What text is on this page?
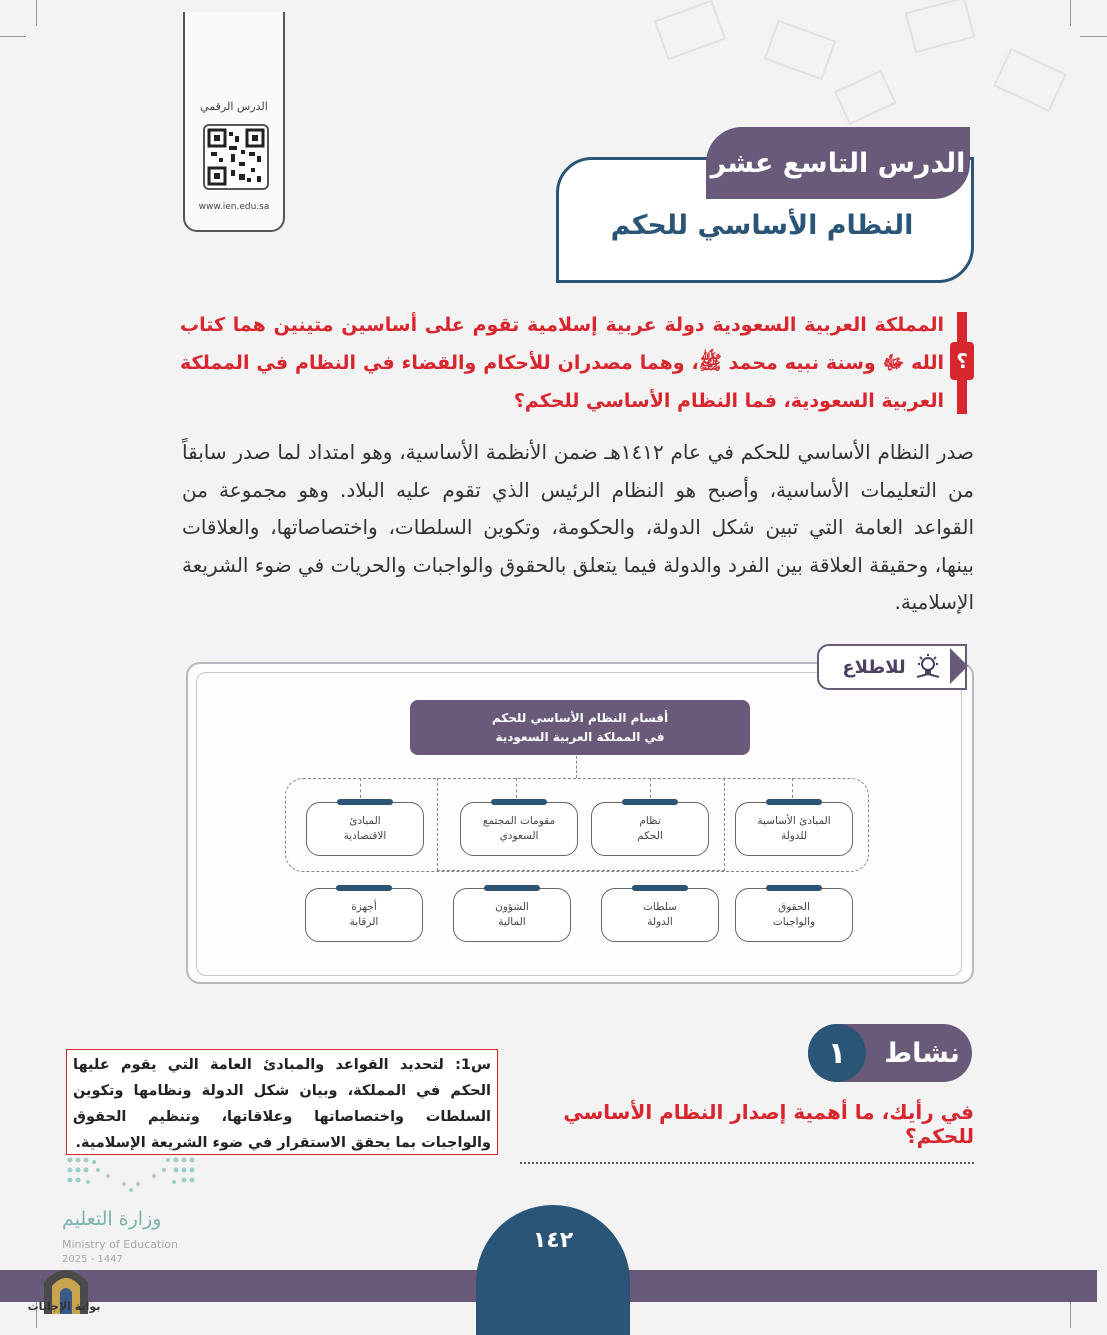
الدرس الرقمي
www.ien.edu.sa
الدرس التاسع عشر
النظام الأساسي للحكم
؟
المملكة العربية السعودية دولة عربية إسلامية تقوم على أساسين متينين هما كتاب الله ﷻ وسنة نبيه محمد ﷺ، وهما مصدران للأحكام والقضاء في النظام في المملكة العربية السعودية، فما النظام الأساسي للحكم؟
صدر النظام الأساسي للحكم في عام ١٤١٢هـ ضمن الأنظمة الأساسية، وهو امتداد لما صدر سابقاً من التعليمات الأساسية، وأصبح هو النظام الرئيس الذي تقوم عليه البلاد. وهو مجموعة من القواعد العامة التي تبين شكل الدولة، والحكومة، وتكوين السلطات، واختصاصاتها، والعلاقات بينها، وحقيقة العلاقة بين الفرد والدولة فيما يتعلق بالحقوق والواجبات والحريات في ضوء الشريعة الإسلامية.
للاطلاع
أقسام النظام الأساسي للحكم
في المملكة العربية السعودية
المبادئ الأساسية
للدولة
نظام
الحكم
مقومات المجتمع
السعودي
المبادئ
الاقتصادية
الحقوق
والواجبات
سلطات
الدولة
الشؤون
المالية
أجهزة
الرقابة
١	نشاط
في رأيك، ما أهمية إصدار النظام الأساسي للحكم؟
س1: لتحديد القواعد والمبادئ العامة التي يقوم عليها الحكم في المملكة، وبيان شكل الدولة ونظامها وتكوين السلطات واختصاصاتها وعلاقاتها، وتنظيم الحقوق والواجبات بما يحقق الاستقرار في ضوء الشريعة الإسلامية.
وزارة التعليم
Ministry of Education
2025 - 1447
١٤٢
بوابة الإجابات
